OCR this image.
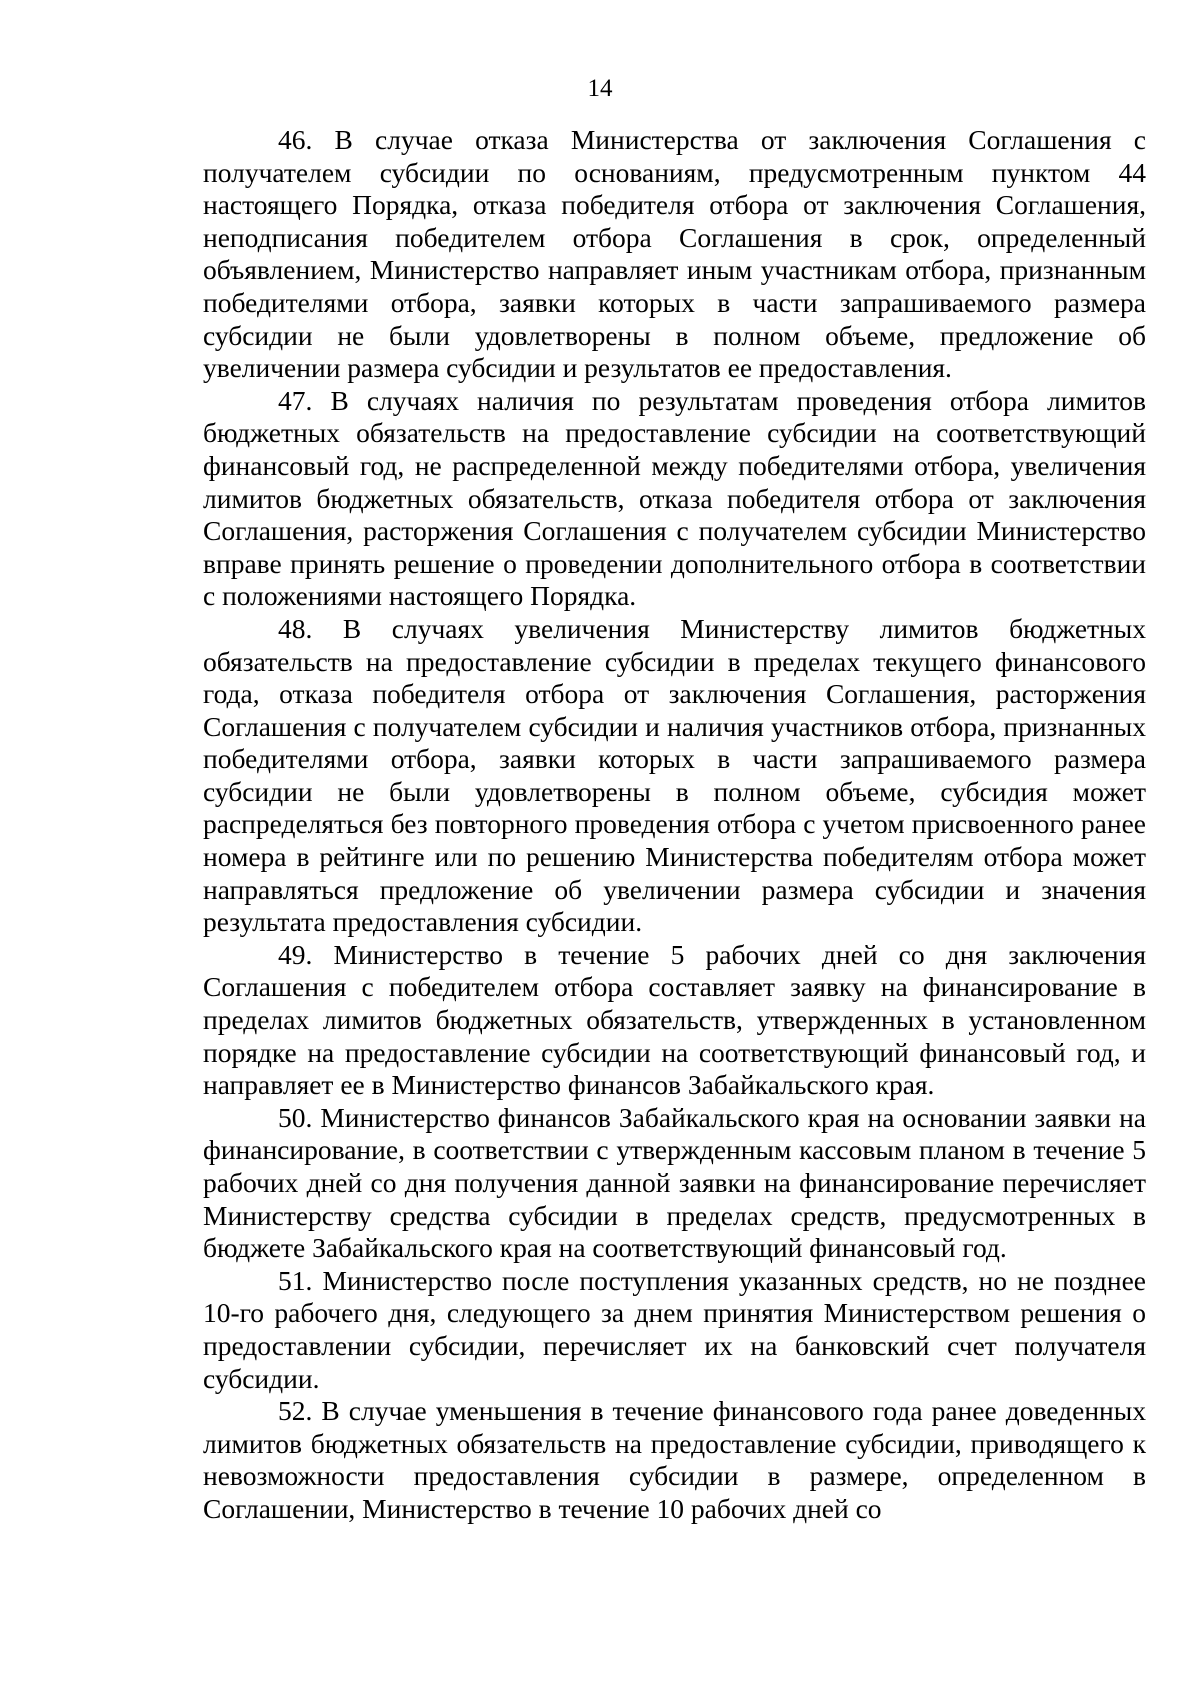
14

46. В случае отказа Министерства от заключения Соглашения с получателем субсидии по основаниям, предусмотренным пунктом 44 настоящего Порядка, отказа победителя отбора от заключения Соглашения, неподписания победителем отбора Соглашения в срок, определенный объявлением, Министерство направляет иным участникам отбора, признанным победителями отбора, заявки которых в части запрашиваемого размера субсидии не были удовлетворены в полном объеме, предложение об увеличении размера субсидии и результатов ее предоставления.

47. В случаях наличия по результатам проведения отбора лимитов бюджетных обязательств на предоставление субсидии на соответствующий финансовый год, не распределенной между победителями отбора, увеличения лимитов бюджетных обязательств, отказа победителя отбора от заключения Соглашения, расторжения Соглашения с получателем субсидии Министерство вправе принять решение о проведении дополнительного отбора в соответствии с положениями настоящего Порядка.

48. В случаях увеличения Министерству лимитов бюджетных обязательств на предоставление субсидии в пределах текущего финансового года, отказа победителя отбора от заключения Соглашения, расторжения Соглашения с получателем субсидии и наличия участников отбора, признанных победителями отбора, заявки которых в части запрашиваемого размера субсидии не были удовлетворены в полном объеме, субсидия может распределяться без повторного проведения отбора с учетом присвоенного ранее номера в рейтинге или по решению Министерства победителям отбора может направляться предложение об увеличении размера субсидии и значения результата предоставления субсидии.

49. Министерство в течение 5 рабочих дней со дня заключения Соглашения с победителем отбора составляет заявку на финансирование в пределах лимитов бюджетных обязательств, утвержденных в установленном порядке на предоставление субсидии на соответствующий финансовый год, и направляет ее в Министерство финансов Забайкальского края.

50. Министерство финансов Забайкальского края на основании заявки на финансирование, в соответствии с утвержденным кассовым планом в течение 5 рабочих дней со дня получения данной заявки на финансирование перечисляет Министерству средства субсидии в пределах средств, предусмотренных в бюджете Забайкальского края на соответствующий финансовый год.

51. Министерство после поступления указанных средств, но не позднее 10-го рабочего дня, следующего за днем принятия Министерством решения о предоставлении субсидии, перечисляет их на банковский счет получателя субсидии.

52. В случае уменьшения в течение финансового года ранее доведенных лимитов бюджетных обязательств на предоставление субсидии, приводящего к невозможности предоставления субсидии в размере, определенном в Соглашении, Министерство в течение 10 рабочих дней со
